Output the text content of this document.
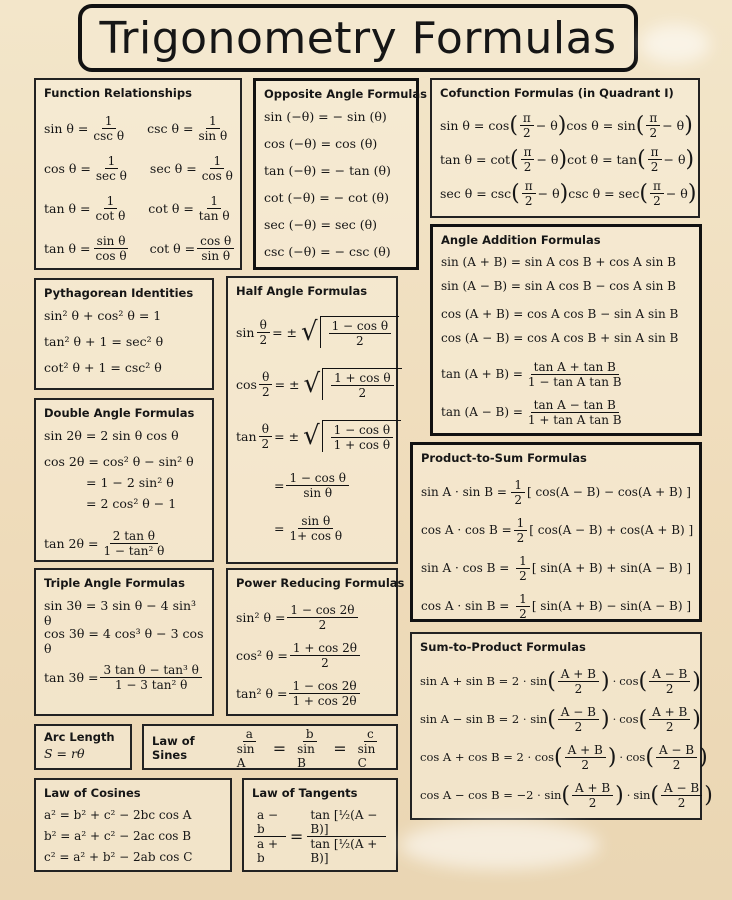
Trigonometry Formulas
Function Relationships
sin θ = 1
csc θ $\csc \theta = \frac{1}{\text{sin θ}}$
cos θ = 1
sec θ $\sec \theta = \frac{1}{\text{cos θ}}$
$\tan \theta = \frac{1}{\text{cot θ}}$ $\cot \theta = \frac{1}{\text{tan θ}}$
$\tan \theta = \frac{\text{sin θ}}{\text{cos θ}}$ $\cot \theta = \frac{\text{cos θ}}{\text{sin θ}}$
Opposite Angle Formulas
sin (−θ) = − sin (θ)
cos (−θ) = cos (θ)
tan (−θ) = − tan (θ)
cot (−θ) = − cot (θ)
sec (−θ) = sec (θ)
csc (−θ) = − csc (θ)
Cofunction Formulas (in Quadrant I)
sin θ = cos ( $\frac{\pi}{2} - \theta$ ) cos θ = sin ( $\frac{\pi}{2} - \theta$ )
tan θ = cot ( $\frac{\pi}{2} - \theta$ ) cot θ = tan ( $\frac{\pi}{2} - \theta$ )
sec θ = csc ( $\frac{\pi}{2} - \theta$ ) csc θ = sec ( $\frac{\pi}{2} - \theta$ )
Angle Addition Formulas
sin (A + B) = sin A cos B + cos A sin B
sin (A − B) = sin A cos B − cos A sin B
cos (A + B) = cos A cos B − sin A sin B
cos (A − B) = cos A cos B + sin A sin B
$\tan (A + B) = \frac{\text{tan A + tan B}}{\text{1 − tan A tan B}}$
$\tan (A - B) = \frac{\text{tan A − tan B}}{\text{1 + tan A tan B}}$
Pythagorean Identities
sin² θ + cos² θ = 1
tan² θ + 1 = sec² θ
cot² θ + 1 = csc² θ
Half Angle Formulas
$\sin \frac{\theta}{2}$ = ± √ $\frac{\text{1 − cos θ}}{2}$
$\cos \frac{\theta}{2}$ = ± √ $\frac{\text{1 + cos θ}}{2}$
$\tan \frac{\theta}{2}$ = ± √ $\frac{\text{1 − cos θ}}{\text{1 + cos θ}}$
= $\frac{\text{1 − cos θ}}{\text{sin θ}}$
= $\frac{\text{sin θ}}{\text{1+ cos θ}}$
Double Angle Formulas
sin 2θ = 2 sin θ cos θ
cos 2θ = cos² θ − sin² θ
= 1 − 2 sin² θ
= 2 cos² θ − 1
$\tan 2\theta = \frac{\text{2 tan θ}}{\text{1 − tan² θ}}$
Product-to-Sum Formulas
$\sin A \cdot \sin B = \frac{1}{2}$ [ cos(A − B) − cos(A + B) ]
$\cos A \cdot \cos B = \frac{1}{2}$ [ cos(A − B) + cos(A + B) ]
$\sin A \cdot \cos B = \frac{1}{2}$ [ sin(A + B) + sin(A − B) ]
$\cos A \cdot \sin B = \frac{1}{2}$ [ sin(A + B) − sin(A − B) ]
Triple Angle Formulas
sin 3θ = 3 sin θ − 4 sin³ θ
cos 3θ = 4 cos³ θ − 3 cos θ
$\tan 3\theta = \frac{\text{3 tan θ − tan³ θ}}{\text{1 − 3 tan² θ}}$
Power Reducing Formulas
sin² $\theta = \frac{1 - \cos 2\theta}{2}$
cos² $\theta = \frac{1 + \cos 2\theta}{2}$
tan² $\theta = \frac{1 - \cos 2\theta}{1 + \cos 2\theta}$
Sum-to-Product Formulas
sin A + sin B = 2 · sin ( $\frac{A + B}{2}$ ) · cos ( $\frac{A - B}{2}$ )
sin A − sin B = 2 · sin ( $\frac{A - B}{2}$ ) · cos ( $\frac{A + B}{2}$ )
cos A + cos B = 2 · cos ( $\frac{A + B}{2}$ ) · cos ( $\frac{A - B}{2}$ )
cos A − cos B = −2 · sin ( $\frac{A + B}{2}$ ) · sin ( $\frac{A - B}{2}$ )
Arc Length
S = rθ
Law of Sines	$\frac{a}{\text{sin A}} = \frac{b}{\text{sin B}} = \frac{c}{\text{sin C}}$
Law of Cosines
a² = b² + c² − 2bc cos A
b² = a² + c² − 2ac cos B
c² = a² + b² − 2ab cos C
Law of Tangents
$\frac{a - b}{a + b} = \frac{\text{tan [½(A − B)]}}{\text{tan [½(A + B)]}}$
